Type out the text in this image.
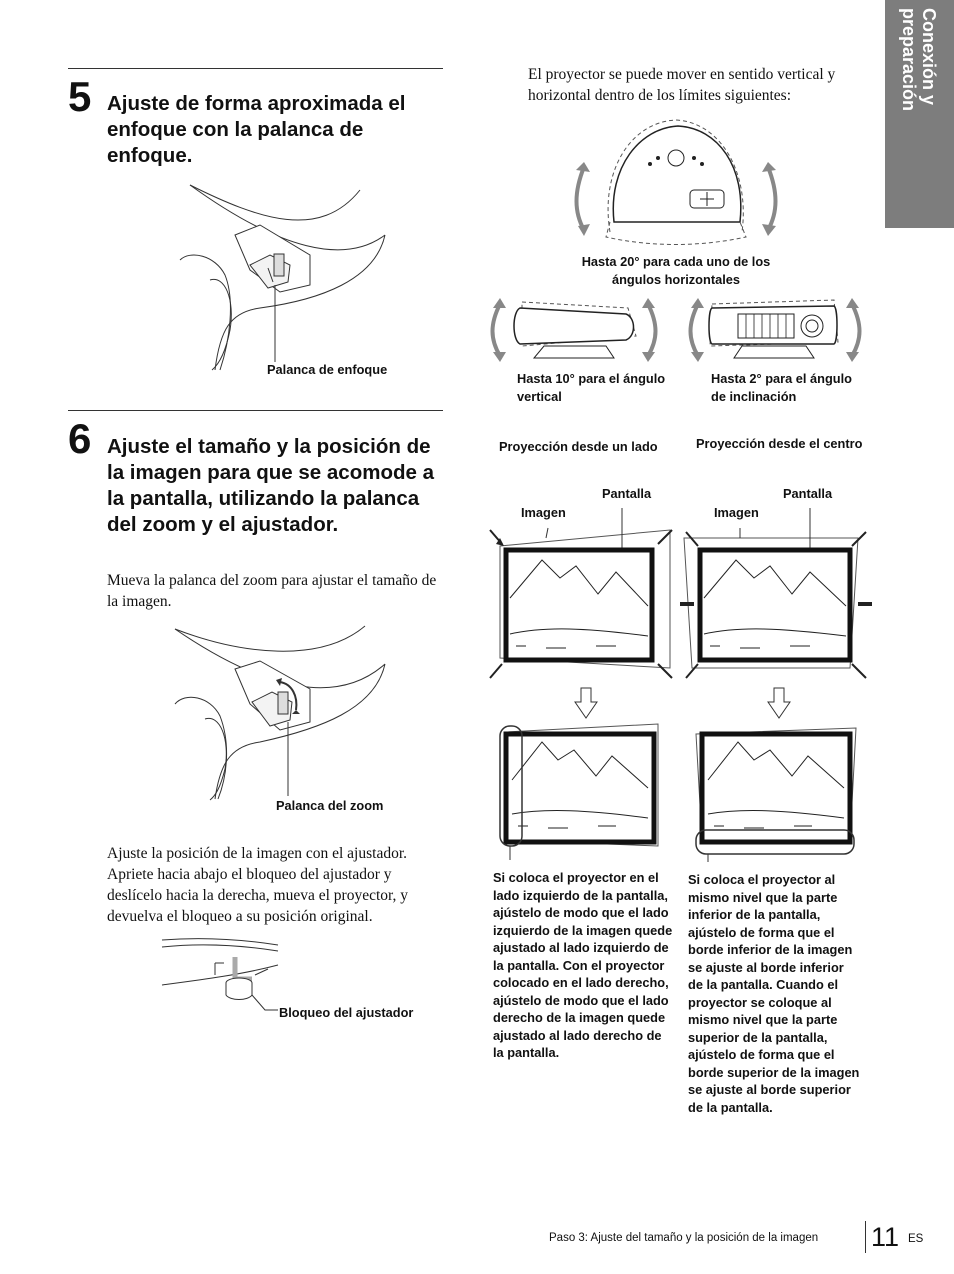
Conexión y
preparación
5 Ajuste de forma aproximada el enfoque con la palanca de enfoque.
Palanca de enfoque
6 Ajuste el tamaño y la posición de la imagen para que se acomode a la pantalla, utilizando la palanca del zoom y el ajustador.
Mueva la palanca del zoom para ajustar el tamaño de la imagen.
Palanca del zoom
Ajuste la posición de la imagen con el ajustador. Apriete hacia abajo el bloqueo del ajustador y deslícelo hacia la derecha, mueva el proyector, y devuelva el bloqueo a su posición original.
Bloqueo del ajustador
El proyector se puede mover en sentido vertical y horizontal dentro de los límites siguientes:
Hasta 20° para cada uno de los ángulos horizontales
Hasta 10° para el ángulo vertical
Hasta 2° para el ángulo de inclinación
Proyección desde un lado	Proyección desde el centro
Pantalla
Imagen
Pantalla
Imagen
Si coloca el proyector en el lado izquierdo de la pantalla, ajústelo de modo que el lado izquierdo de la imagen quede ajustado al lado izquierdo de la pantalla. Con el proyector colocado en el lado derecho, ajústelo de modo que el lado derecho de la imagen quede ajustado al lado derecho de la pantalla.
Si coloca el proyector al mismo nivel que la parte inferior de la pantalla, ajústelo de forma que el borde inferior de la imagen se ajuste al borde inferior de la pantalla. Cuando el proyector se coloque al mismo nivel que la parte superior de la pantalla, ajústelo de forma que el borde superior de la imagen se ajuste al borde superior de la pantalla.
Paso 3: Ajuste del tamaño y la posición de la imagen 11 ES
